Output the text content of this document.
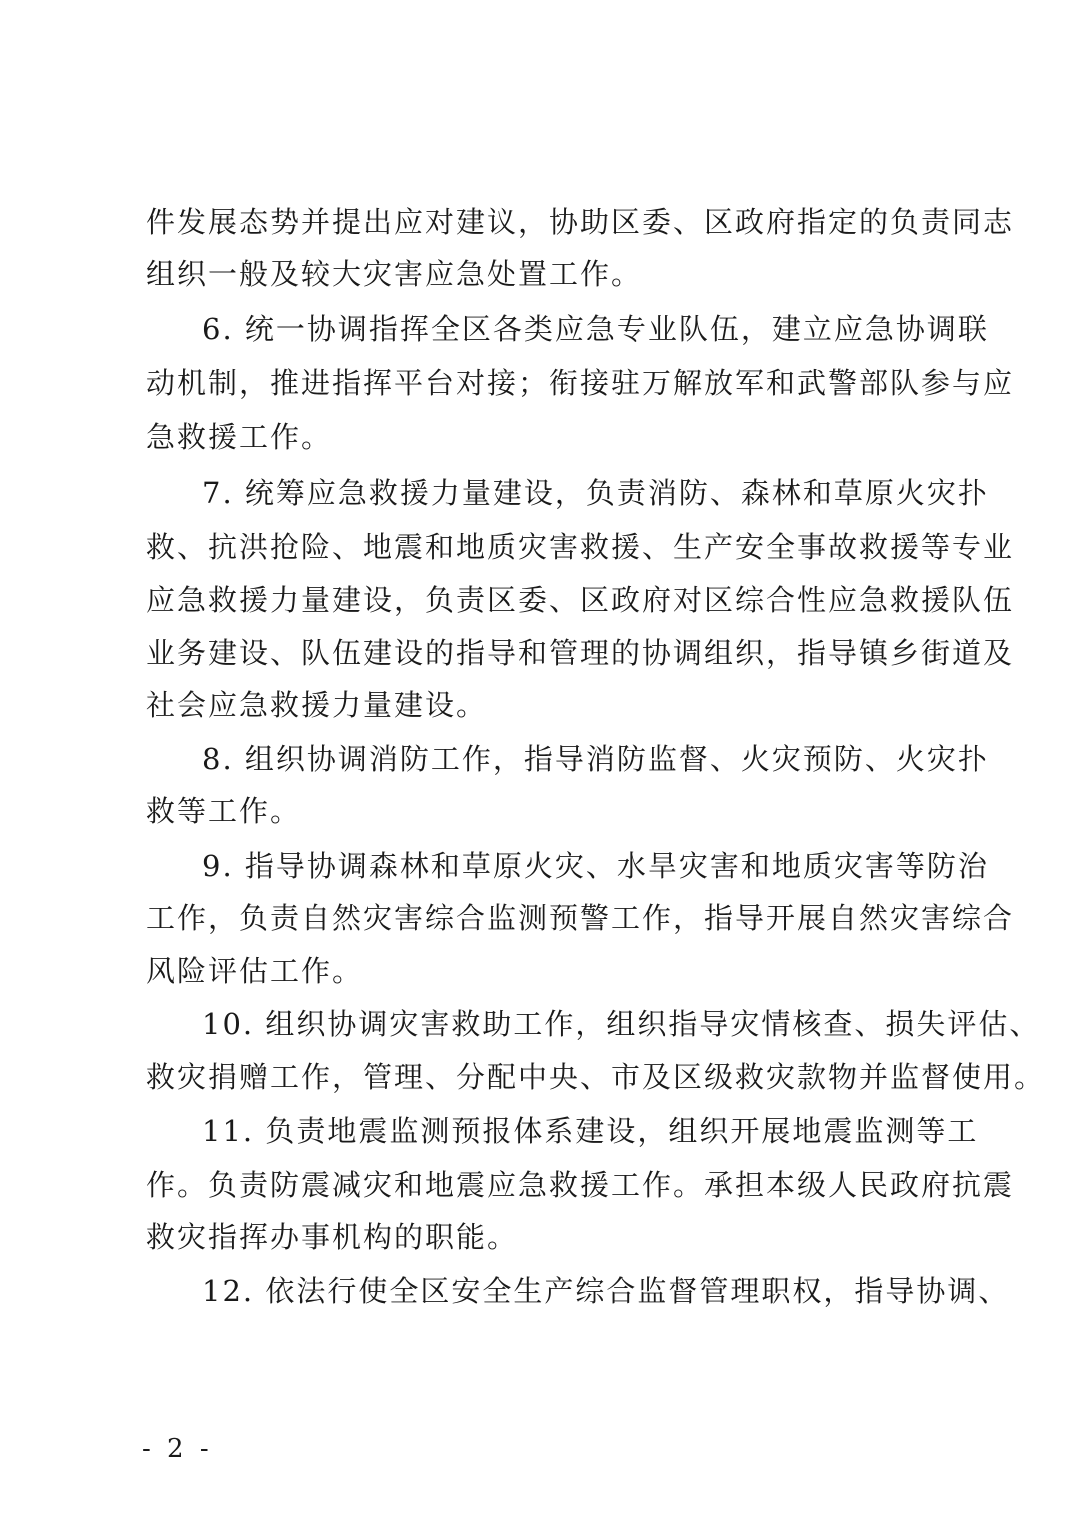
件发展态势并提出应对建议，协助区委、区政府指定的负责同志
组织一般及较大灾害应急处置工作。
6. 统一协调指挥全区各类应急专业队伍，建立应急协调联
动机制，推进指挥平台对接；衔接驻万解放军和武警部队参与应
急救援工作。
7. 统筹应急救援力量建设，负责消防、森林和草原火灾扑
救、抗洪抢险、地震和地质灾害救援、生产安全事故救援等专业
应急救援力量建设，负责区委、区政府对区综合性应急救援队伍
业务建设、队伍建设的指导和管理的协调组织，指导镇乡街道及
社会应急救援力量建设。
8. 组织协调消防工作，指导消防监督、火灾预防、火灾扑
救等工作。
9. 指导协调森林和草原火灾、水旱灾害和地质灾害等防治
工作，负责自然灾害综合监测预警工作，指导开展自然灾害综合
风险评估工作。
10. 组织协调灾害救助工作，组织指导灾情核查、损失评估、
救灾捐赠工作，管理、分配中央、市及区级救灾款物并监督使用。
11. 负责地震监测预报体系建设，组织开展地震监测等工
作。负责防震减灾和地震应急救援工作。承担本级人民政府抗震
救灾指挥办事机构的职能。
12. 依法行使全区安全生产综合监督管理职权，指导协调、
- 2 -
